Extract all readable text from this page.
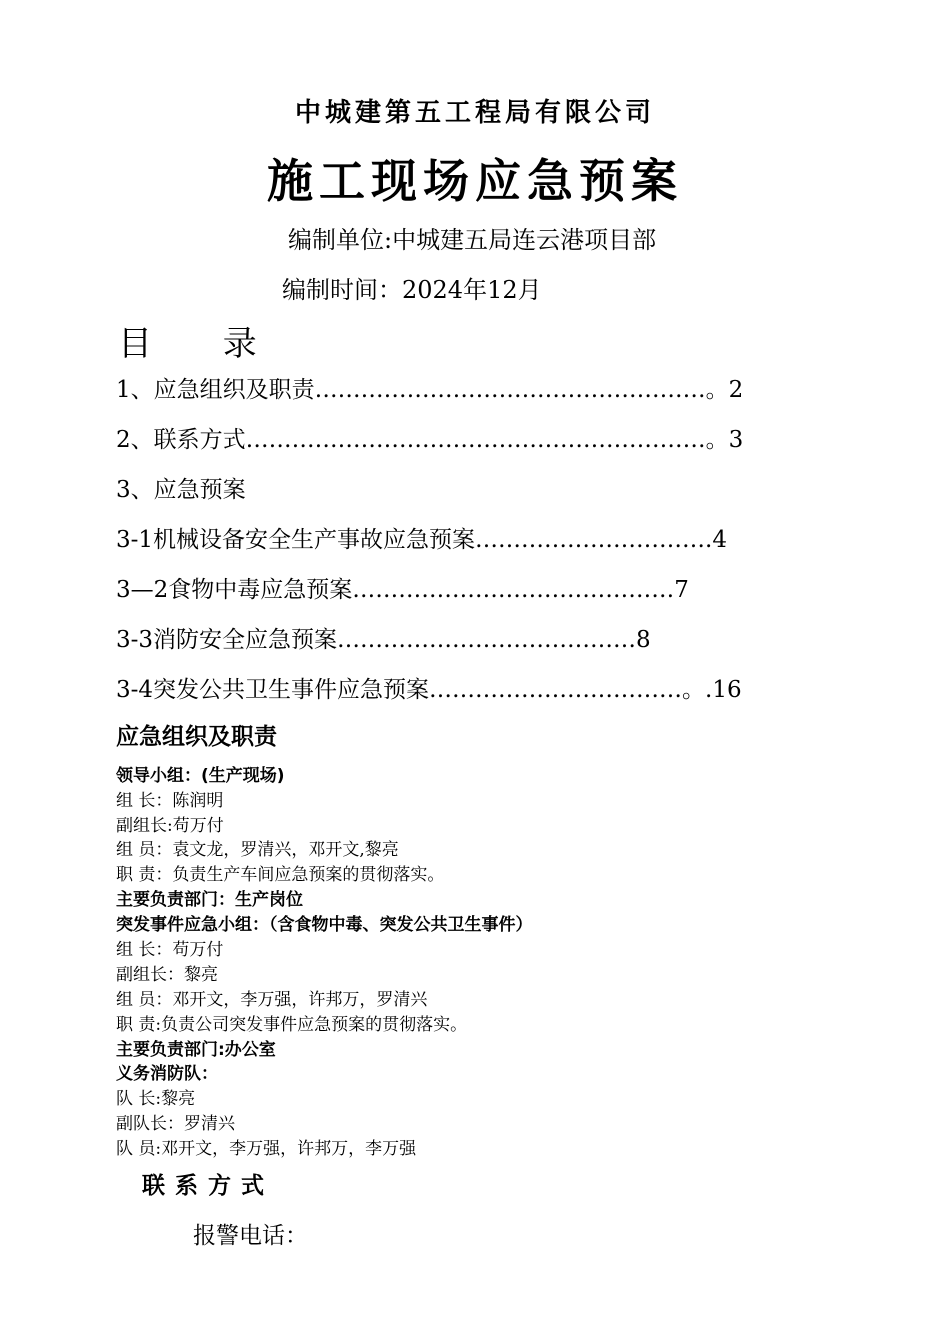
中城建第五工程局有限公司
施工现场应急预案
编制单位:中城建五局连云港项目部
编制时间：2024年12月
目 录
1、应急组织及职责……………………………………………。2
2、联系方式……………………………………………………。3
3、应急预案
3-1机械设备安全生产事故应急预案………………………….4
3—2食物中毒应急预案……………………………………7
3-3消防安全应急预案…………………………………8
3-4突发公共卫生事件应急预案……………………………。.16
应急组织及职责
领导小组：(生产现场)
组 长：陈润明
副组长:苟万付
组 员：袁文龙，罗清兴，邓开文,黎亮
职 责：负责生产车间应急预案的贯彻落实。
主要负责部门：生产岗位
突发事件应急小组：（含食物中毒、突发公共卫生事件）
组 长：苟万付
副组长：黎亮
组 员：邓开文，李万强，许邦万，罗清兴
职 责:负责公司突发事件应急预案的贯彻落实。
主要负责部门:办公室
义务消防队：
队 长:黎亮
副队长：罗清兴
队 员:邓开文，李万强，许邦万，李万强
联系方式
报警电话：
